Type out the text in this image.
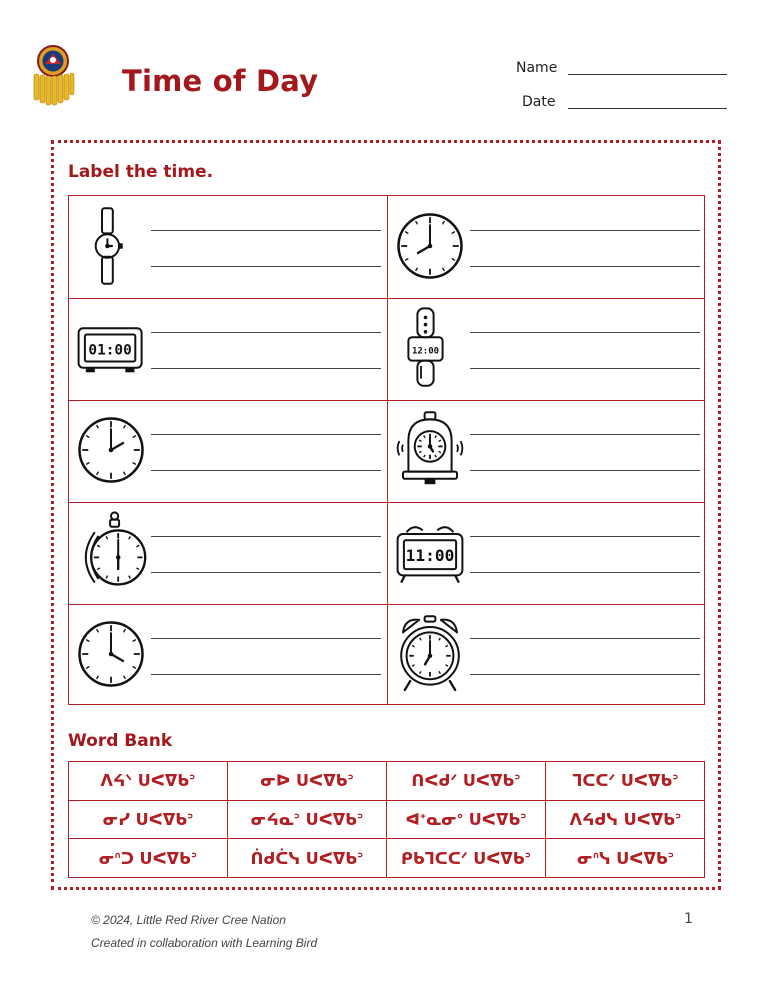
Time of Day	Name
Date
Label the time.
01:00	12:00
11:00
Word Bank
ᐱᔦᐠ ᑌᐸᐁᑲᐣ	ᓂᐅ ᑌᐸᐁᑲᐣ	ᑎᐸᑯᐟ ᑌᐸᐁᑲᐣ	ᒣᑕᑕᐟ ᑌᐸᐁᑲᐣ
ᓂᓯ ᑌᐸᐁᑲᐣ	ᓂᔦᓇᐣ ᑌᐸᐁᑲᐣ	ᐊᐩᓇᓂᐤ ᑌᐸᐁᑲᐣ	ᐱᔦᑯᓭ ᑌᐸᐁᑲᐣ
ᓂᐢᑐ ᑌᐸᐁᑲᐣ	ᑏᑯᑖᓭ ᑌᐸᐁᑲᐣ	ᑭᑲᒣᑕᑕᐟ ᑌᐸᐁᑲᐣ	ᓂᐢᓭ ᑌᐸᐁᑲᐣ
© 2024, Little Red River Cree Nation
Created in collaboration with Learning Bird
1
